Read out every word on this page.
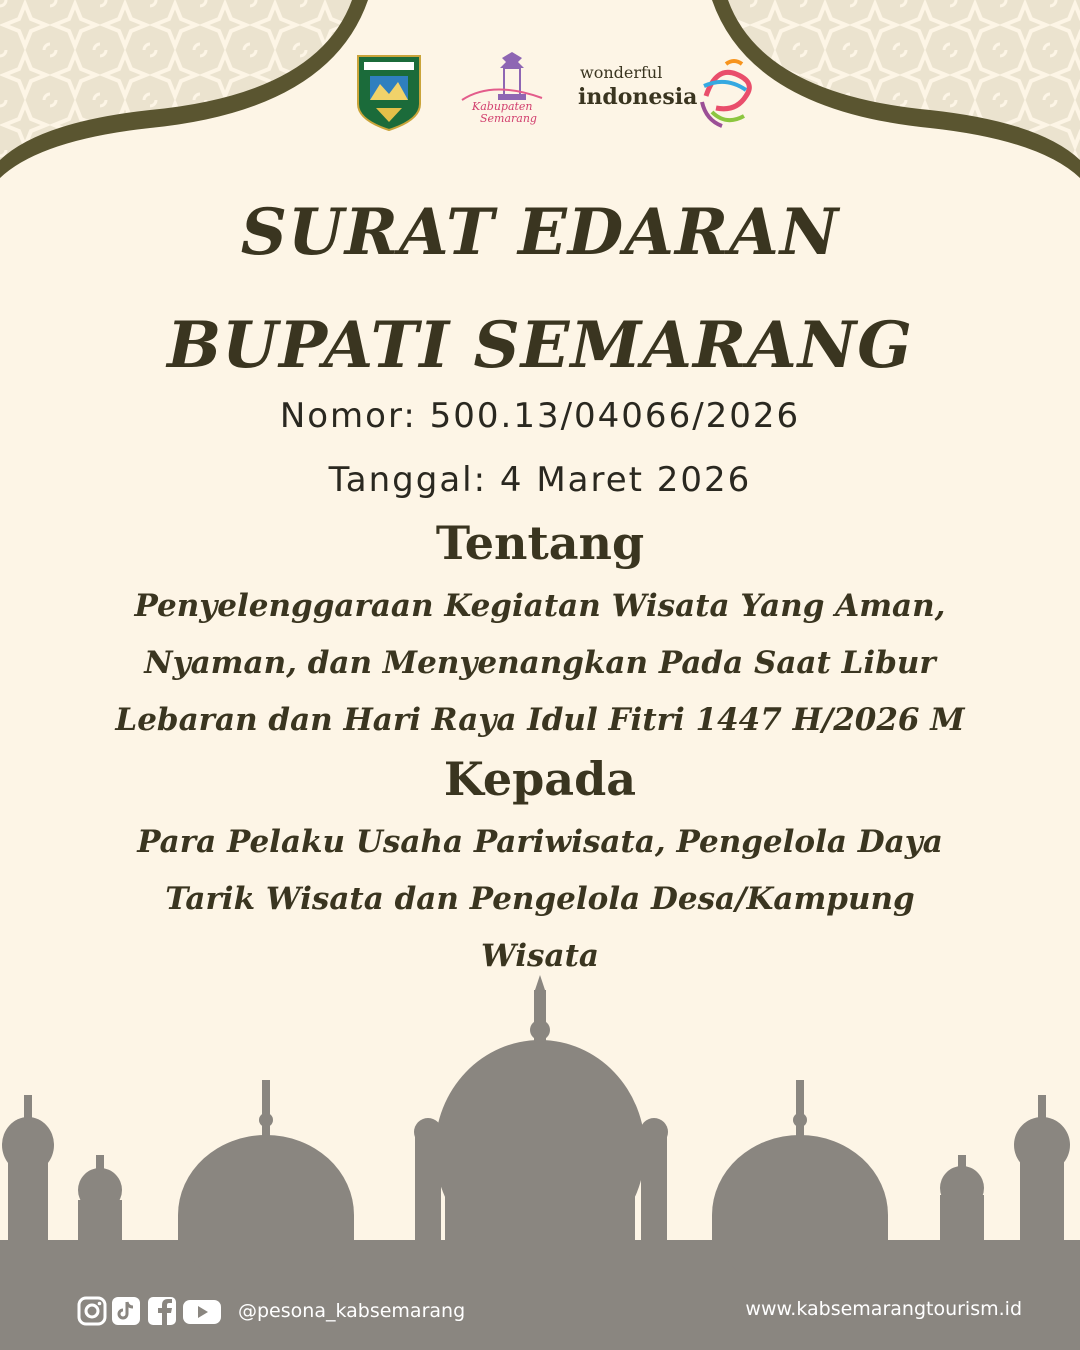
Kabupaten
Semarang
wonderful
indonesia
SURAT EDARAN
BUPATI SEMARANG
Nomor: 500.13/04066/2026
Tanggal: 4 Maret 2026
Tentang
Penyelenggaraan Kegiatan Wisata Yang Aman, Nyaman, dan Menyenangkan Pada Saat Libur Lebaran dan Hari Raya Idul Fitri 1447 H/2026 M
Kepada
Para Pelaku Usaha Pariwisata, Pengelola Daya Tarik Wisata dan Pengelola Desa/Kampung Wisata
@pesona_kabsemarang	www.kabsemarangtourism.id
